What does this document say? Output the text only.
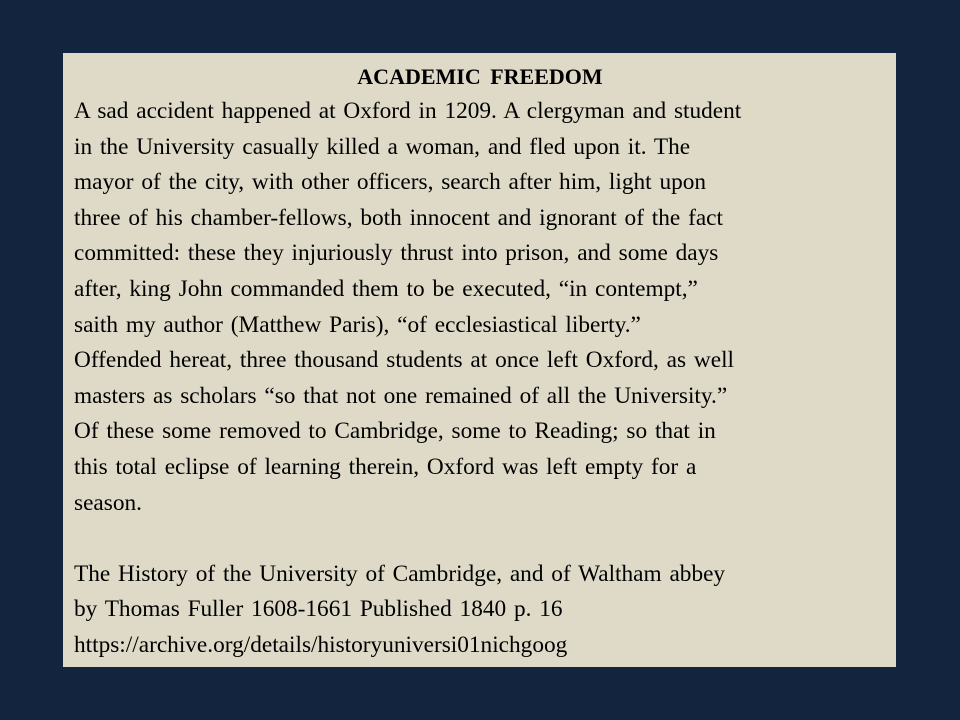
ACADEMIC FREEDOM
A sad accident happened at Oxford in 1209. A clergyman and student
in the University casually killed a woman, and fled upon it. The
mayor of the city, with other officers, search after him, light upon
three of his chamber-fellows, both innocent and ignorant of the fact
committed: these they injuriously thrust into prison, and some days
after, king John commanded them to be executed, “in contempt,”
saith my author (Matthew Paris), “of ecclesiastical liberty.”
Offended hereat, three thousand students at once left Oxford, as well
masters as scholars “so that not one remained of all the University.”
Of these some removed to Cambridge, some to Reading; so that in
this total eclipse of learning therein, Oxford was left empty for a
season.
The History of the University of Cambridge, and of Waltham abbey
by Thomas Fuller 1608-1661 Published 1840 p. 16
https://archive.org/details/historyuniversi01nichgoog
